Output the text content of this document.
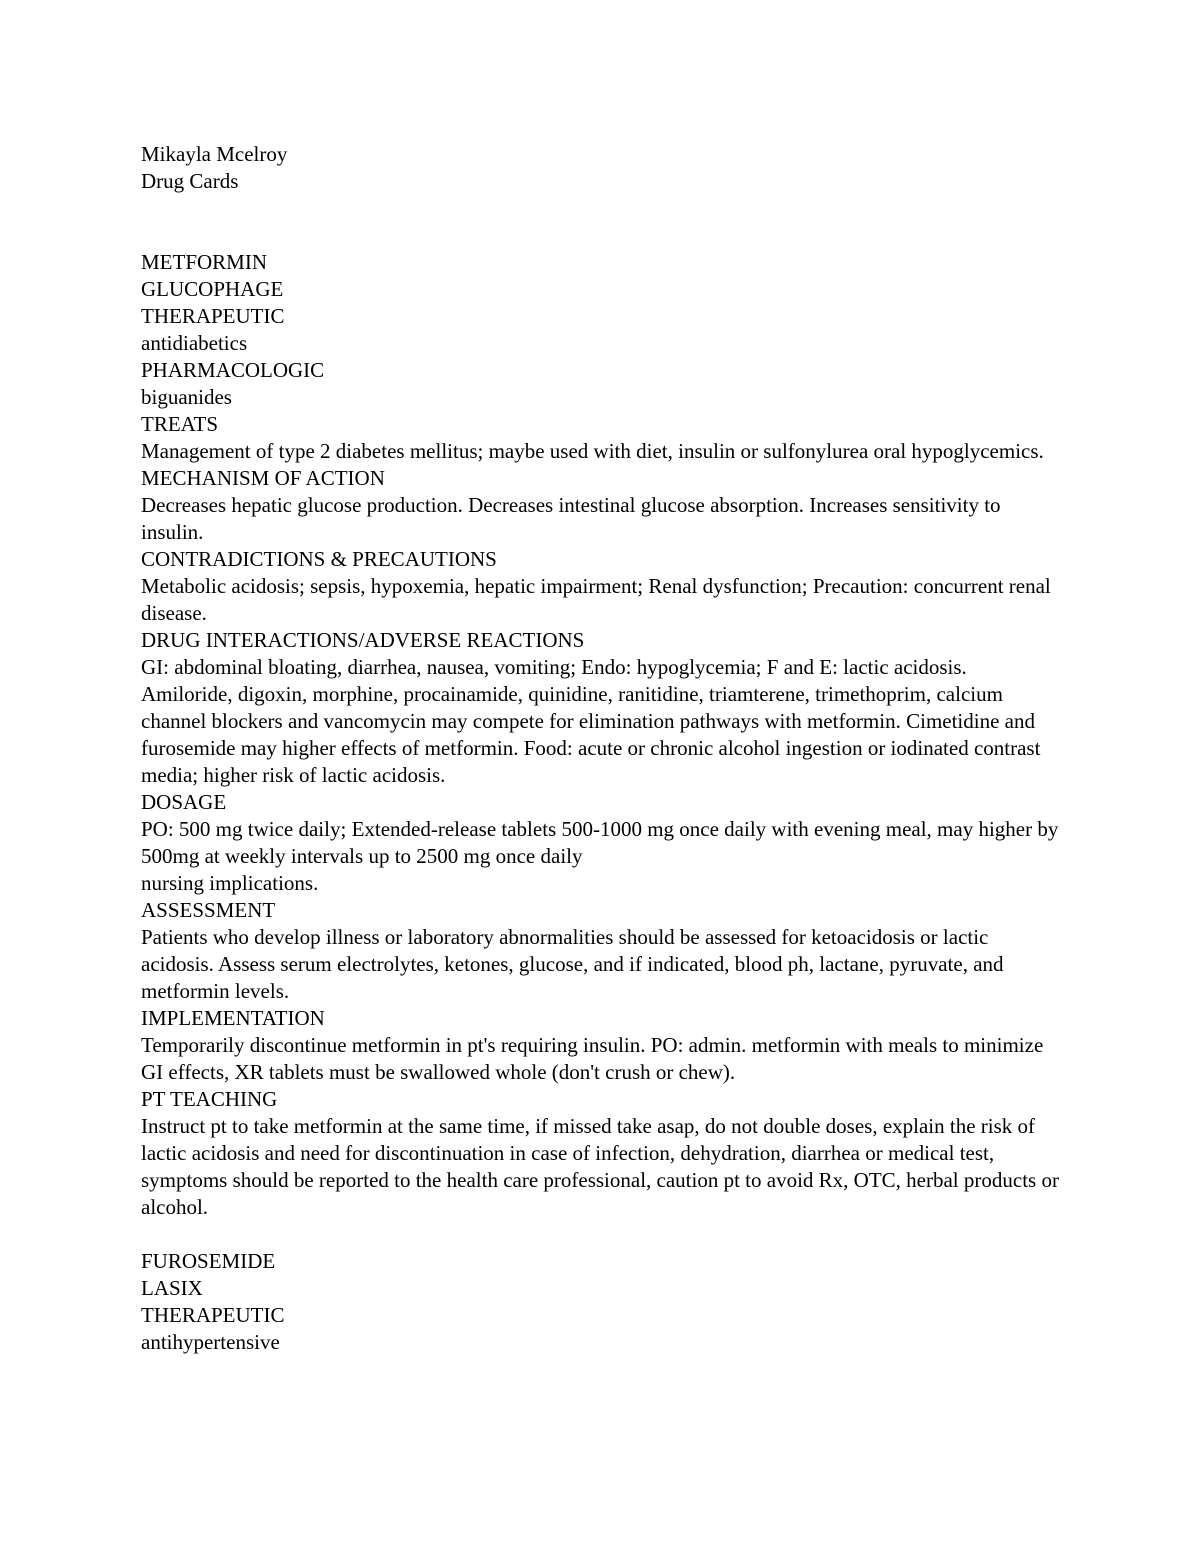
Mikayla Mcelroy
Drug Cards
METFORMIN
GLUCOPHAGE
THERAPEUTIC
antidiabetics
PHARMACOLOGIC
biguanides
TREATS
Management of type 2 diabetes mellitus; maybe used with diet, insulin or sulfonylurea oral hypoglycemics.
MECHANISM OF ACTION
Decreases hepatic glucose production. Decreases intestinal glucose absorption. Increases sensitivity to insulin.
CONTRADICTIONS & PRECAUTIONS
Metabolic acidosis; sepsis, hypoxemia, hepatic impairment; Renal dysfunction; Precaution: concurrent renal disease.
DRUG INTERACTIONS/ADVERSE REACTIONS
GI: abdominal bloating, diarrhea, nausea, vomiting; Endo: hypoglycemia; F and E: lactic acidosis.
Amiloride, digoxin, morphine, procainamide, quinidine, ranitidine, triamterene, trimethoprim, calcium channel blockers and vancomycin may compete for elimination pathways with metformin. Cimetidine and furosemide may higher effects of metformin. Food: acute or chronic alcohol ingestion or iodinated contrast media; higher risk of lactic acidosis.
DOSAGE
PO: 500 mg twice daily; Extended-release tablets 500-1000 mg once daily with evening meal, may higher by 500mg at weekly intervals up to 2500 mg once daily
nursing implications.
ASSESSMENT
Patients who develop illness or laboratory abnormalities should be assessed for ketoacidosis or lactic acidosis. Assess serum electrolytes, ketones, glucose, and if indicated, blood ph, lactane, pyruvate, and metformin levels.
IMPLEMENTATION
Temporarily discontinue metformin in pt's requiring insulin. PO: admin. metformin with meals to minimize GI effects, XR tablets must be swallowed whole (don't crush or chew).
PT TEACHING
Instruct pt to take metformin at the same time, if missed take asap, do not double doses, explain the risk of lactic acidosis and need for discontinuation in case of infection, dehydration, diarrhea or medical test, symptoms should be reported to the health care professional, caution pt to avoid Rx, OTC, herbal products or alcohol.
FUROSEMIDE
LASIX
THERAPEUTIC
antihypertensive
